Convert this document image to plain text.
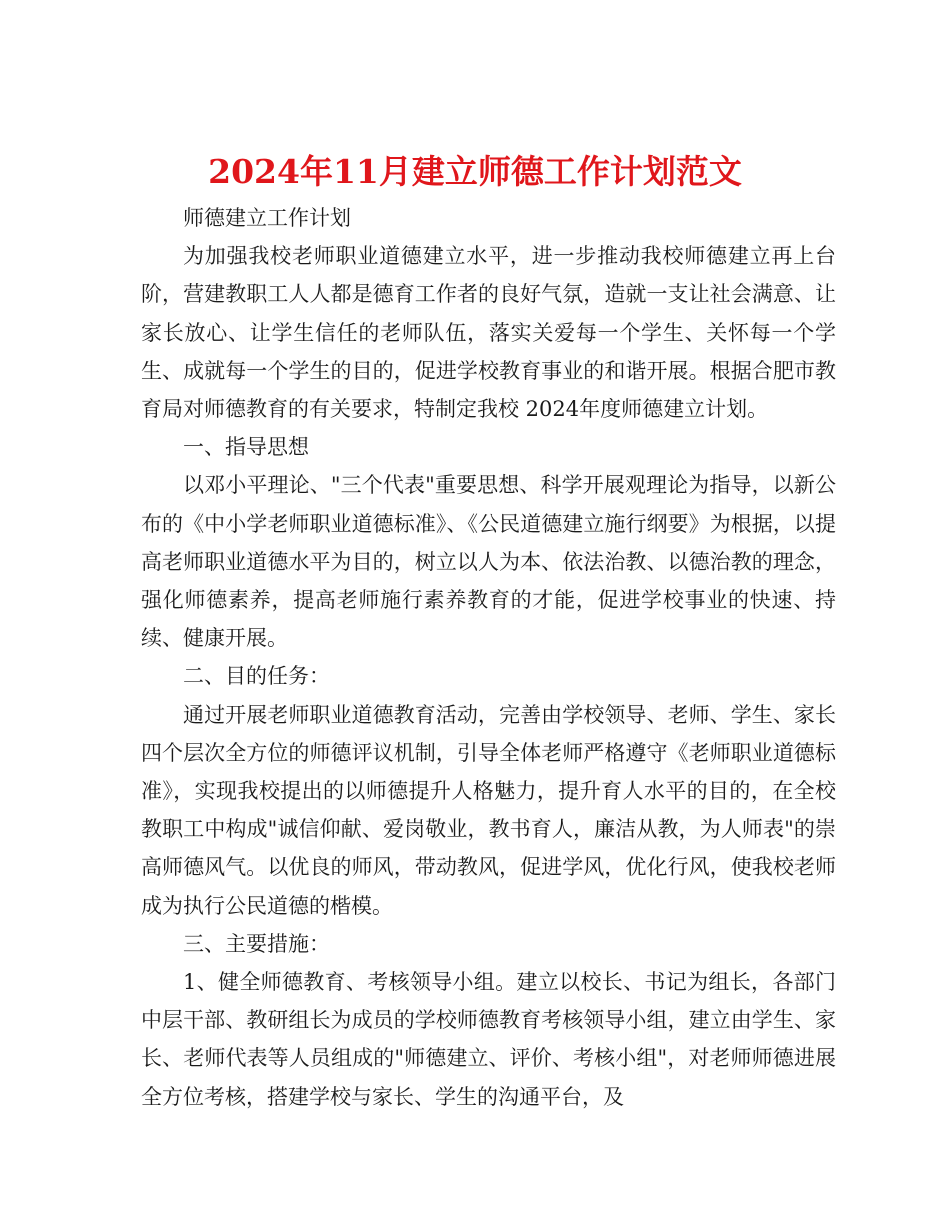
2024年11月建立师德工作计划范文

师德建立工作计划

为加强我校老师职业道德建立水平，进一步推动我校师德建立再上台阶，营建教职工人人都是德育工作者的良好气氛，造就一支让社会满意、让家长放心、让学生信任的老师队伍，落实关爱每一个学生、关怀每一个学生、成就每一个学生的目的，促进学校教育事业的和谐开展。根据合肥市教育局对师德教育的有关要求，特制定我校 2024年度师德建立计划。

一、指导思想

以邓小平理论、"三个代表"重要思想、科学开展观理论为指导，以新公布的《中小学老师职业道德标准》、《公民道德建立施行纲要》为根据，以提高老师职业道德水平为目的，树立以人为本、依法治教、以德治教的理念，强化师德素养，提高老师施行素养教育的才能，促进学校事业的快速、持续、健康开展。

二、目的任务：

通过开展老师职业道德教育活动，完善由学校领导、老师、学生、家长四个层次全方位的师德评议机制，引导全体老师严格遵守《老师职业道德标准》，实现我校提出的以师德提升人格魅力，提升育人水平的目的，在全校教职工中构成"诚信仰献、爱岗敬业，教书育人，廉洁从教，为人师表"的崇高师德风气。以优良的师风，带动教风，促进学风，优化行风，使我校老师成为执行公民道德的楷模。

三、主要措施：

1、健全师德教育、考核领导小组。建立以校长、书记为组长，各部门中层干部、教研组长为成员的学校师德教育考核领导小组，建立由学生、家长、老师代表等人员组成的"师德建立、评价、考核小组"，对老师师德进展全方位考核，搭建学校与家长、学生的沟通平台，及
